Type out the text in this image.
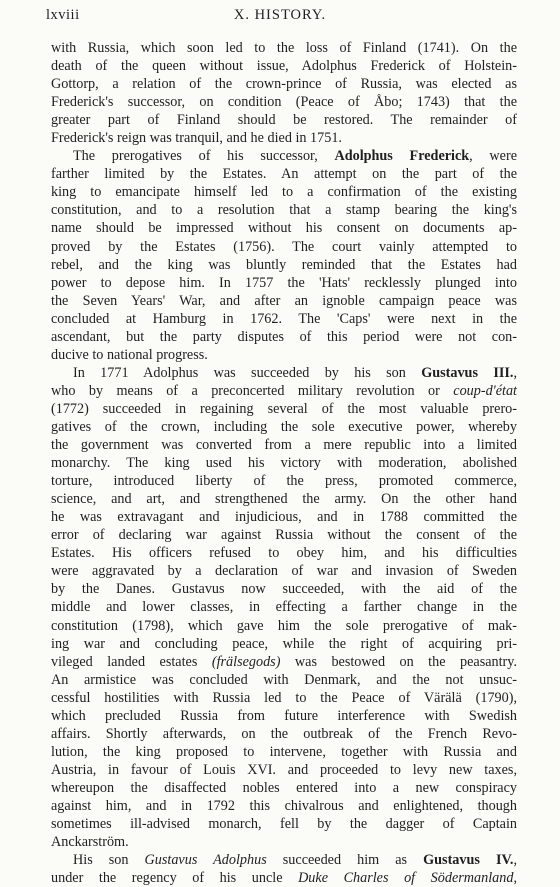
lxviii	X. HISTORY.
with Russia, which soon led to the loss of Finland (1741). On the
death of the queen without issue, Adolphus Frederick of Holstein-
Gottorp, a relation of the crown-prince of Russia, was elected as
Frederick's successor, on condition (Peace of Åbo; 1743) that the
greater part of Finland should be restored. The remainder of
Frederick's reign was tranquil, and he died in 1751.
The prerogatives of his successor, Adolphus Frederick, were
farther limited by the Estates. An attempt on the part of the
king to emancipate himself led to a confirmation of the existing
constitution, and to a resolution that a stamp bearing the king's
name should be impressed without his consent on documents ap-
proved by the Estates (1756). The court vainly attempted to
rebel, and the king was bluntly reminded that the Estates had
power to depose him. In 1757 the 'Hats' recklessly plunged into
the Seven Years' War, and after an ignoble campaign peace was
concluded at Hamburg in 1762. The 'Caps' were next in the
ascendant, but the party disputes of this period were not con-
ducive to national progress.
In 1771 Adolphus was succeeded by his son Gustavus III.,
who by means of a preconcerted military revolution or coup-d'état
(1772) succeeded in regaining several of the most valuable prero-
gatives of the crown, including the sole executive power, whereby
the government was converted from a mere republic into a limited
monarchy. The king used his victory with moderation, abolished
torture, introduced liberty of the press, promoted commerce,
science, and art, and strengthened the army. On the other hand
he was extravagant and injudicious, and in 1788 committed the
error of declaring war against Russia without the consent of the
Estates. His officers refused to obey him, and his difficulties
were aggravated by a declaration of war and invasion of Sweden
by the Danes. Gustavus now succeeded, with the aid of the
middle and lower classes, in effecting a farther change in the
constitution (1798), which gave him the sole prerogative of mak-
ing war and concluding peace, while the right of acquiring pri-
vileged landed estates (frälsegods) was bestowed on the peasantry.
An armistice was concluded with Denmark, and the not unsuc-
cessful hostilities with Russia led to the Peace of Värälä (1790),
which precluded Russia from future interference with Swedish
affairs. Shortly afterwards, on the outbreak of the French Revo-
lution, the king proposed to intervene, together with Russia and
Austria, in favour of Louis XVI. and proceeded to levy new taxes,
whereupon the disaffected nobles entered into a new conspiracy
against him, and in 1792 this chivalrous and enlightened, though
sometimes ill-advised monarch, fell by the dagger of Captain
Anckarström.
His son Gustavus Adolphus succeeded him as Gustavus IV.,
under the regency of his uncle Duke Charles of Södermanland,
